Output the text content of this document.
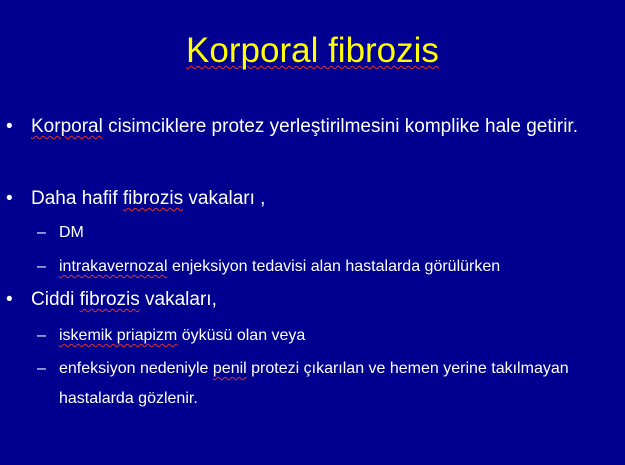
Korporal fibrozis
• Korporal cisimciklere protez yerleştirilmesini komplike hale getirir.
• Daha hafif fibrozis vakaları ,
– DM
– intrakavernozal enjeksiyon tedavisi alan hastalarda görülürken
• Ciddi fibrozis vakaları,
– iskemik priapizm öyküsü olan veya
– enfeksiyon nedeniyle penil protezi çıkarılan ve hemen yerine takılmayan hastalarda gözlenir.
